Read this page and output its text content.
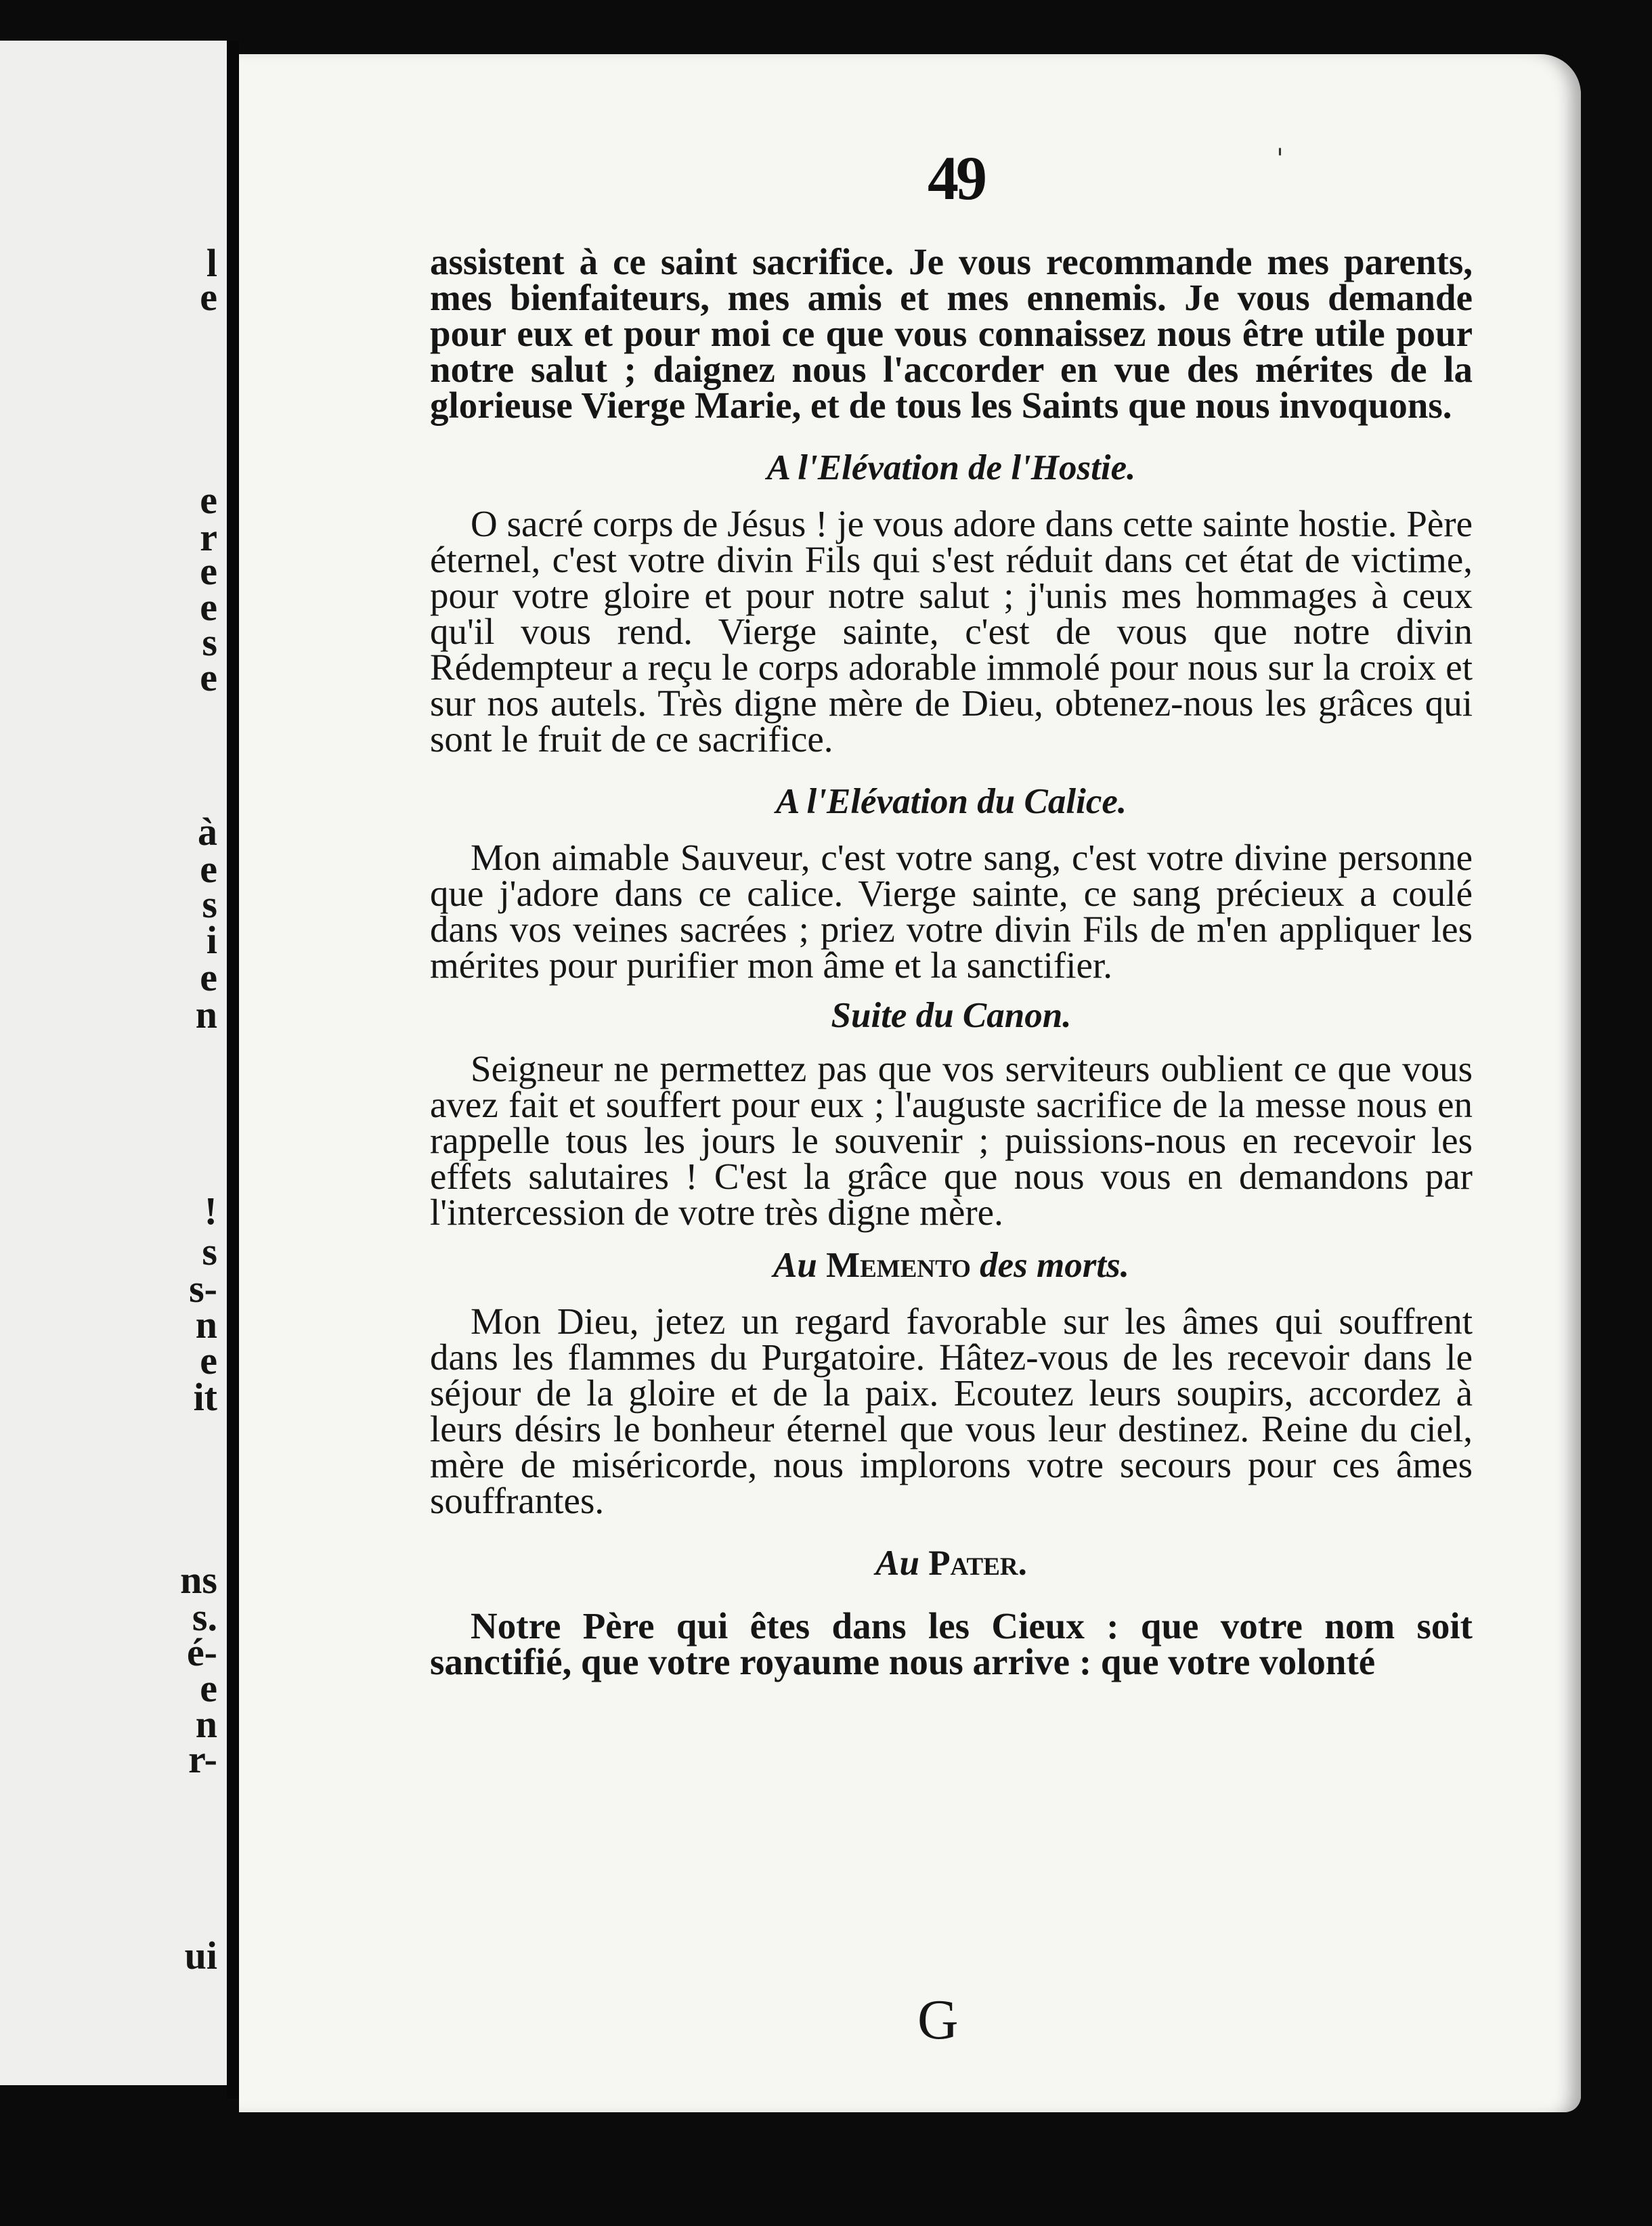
l
e
e
r
e
e
s
e
à
e
s
i
e
n
!
s
s-
n
e
it
ns
s.
é-
e
n
r-
ui
'
49

assistent à ce saint sacrifice. Je vous recommande mes parents, mes bienfaiteurs, mes amis et mes ennemis. Je vous demande pour eux et pour moi ce que vous connaissez nous être utile pour notre salut ; daignez nous l'accorder en vue des mérites de la glorieuse Vierge Marie, et de tous les Saints que nous invoquons.

A l'Elévation de l'Hostie.

O sacré corps de Jésus ! je vous adore dans cette sainte hostie. Père éternel, c'est votre divin Fils qui s'est réduit dans cet état de victime, pour votre gloire et pour notre salut ; j'unis mes hommages à ceux qu'il vous rend. Vierge sainte, c'est de vous que notre divin Rédempteur a reçu le corps adorable immolé pour nous sur la croix et sur nos autels. Très digne mère de Dieu, obtenez-nous les grâces qui sont le fruit de ce sacrifice.

A l'Elévation du Calice.

Mon aimable Sauveur, c'est votre sang, c'est votre divine personne que j'adore dans ce calice. Vierge sainte, ce sang précieux a coulé dans vos veines sacrées ; priez votre divin Fils de m'en appliquer les mérites pour purifier mon âme et la sanctifier.

Suite du Canon.

Seigneur ne permettez pas que vos serviteurs oublient ce que vous avez fait et souffert pour eux ; l'auguste sacrifice de la messe nous en rappelle tous les jours le souvenir ; puissions-nous en recevoir les effets salutaires ! C'est la grâce que nous vous en demandons par l'intercession de votre très digne mère.

Au Memento des morts.

Mon Dieu, jetez un regard favorable sur les âmes qui souffrent dans les flammes du Purgatoire. Hâtez-vous de les recevoir dans le séjour de la gloire et de la paix. Ecoutez leurs soupirs, accordez à leurs désirs le bonheur éternel que vous leur destinez. Reine du ciel, mère de miséricorde, nous implorons votre secours pour ces âmes souffrantes.

Au Pater.

Notre Père qui êtes dans les Cieux : que votre nom soit sanctifié, que votre royaume nous arrive : que votre volonté

G
